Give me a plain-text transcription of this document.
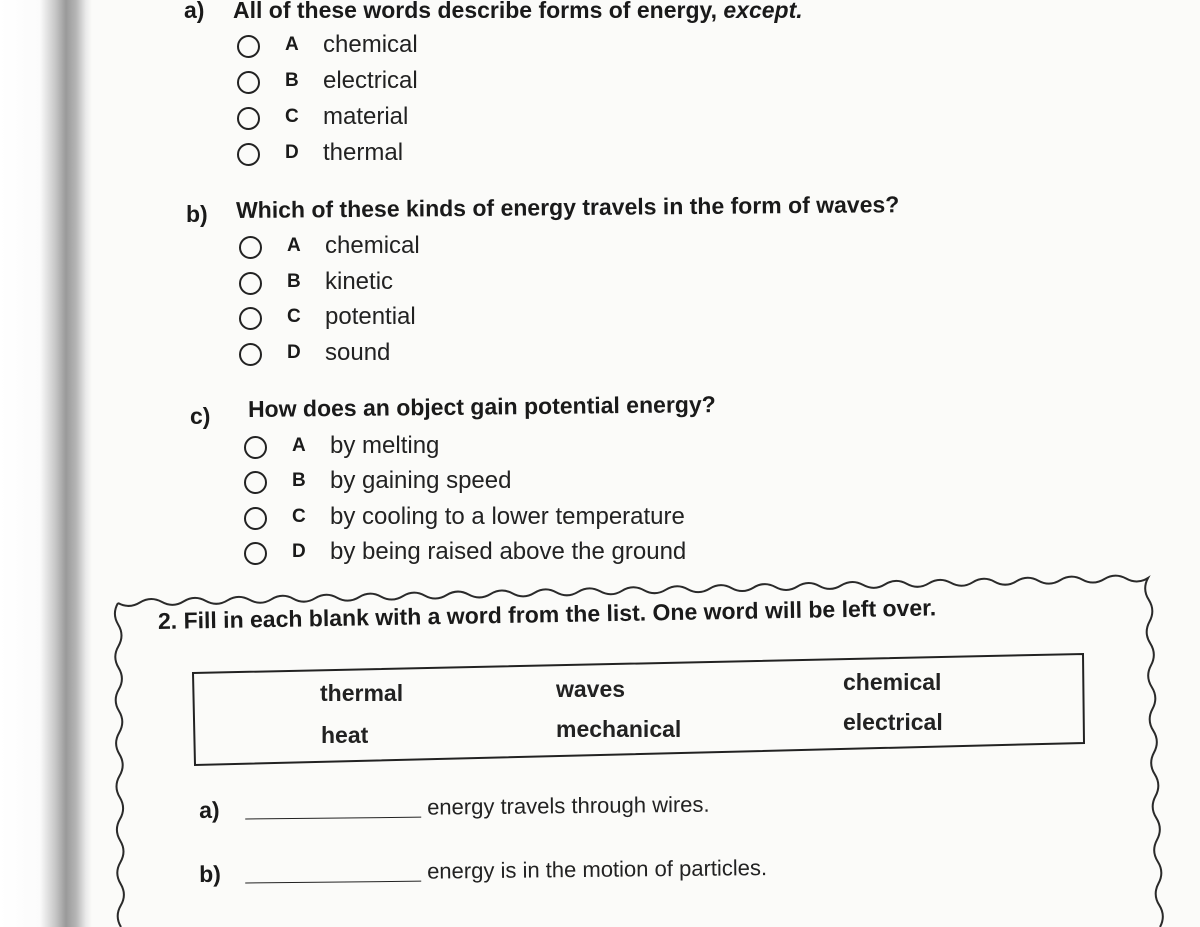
a) All of these words describe forms of energy, except.
A chemical
B electrical
C material
D thermal
b) Which of these kinds of energy travels in the form of waves?
A chemical
B kinetic
C potential
D sound
c) How does an object gain potential energy?
A by melting
B by gaining speed
C by cooling to a lower temperature
D by being raised above the ground
2. Fill in each blank with a word from the list. One word will be left over.
thermal	waves	chemical
heat	mechanical	electrical
a)	energy travels through wires.
b)	energy is in the motion of particles.
